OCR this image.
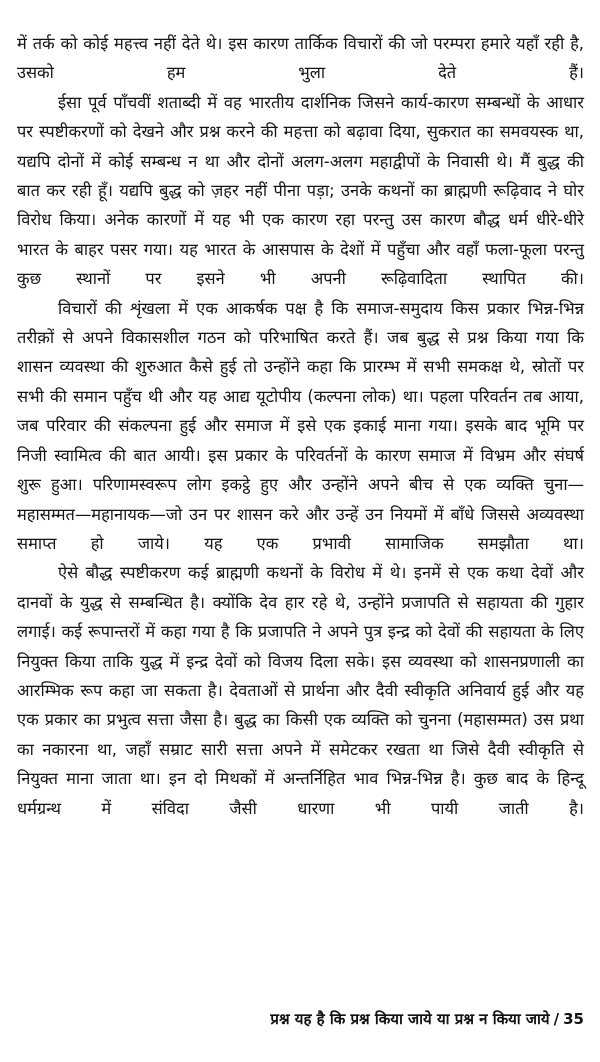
में तर्क को कोई महत्त्व नहीं देते थे। इस कारण तार्किक विचारों की जो परम्परा हमारे यहाँ रही है, उसको हम भुला देते हैं।

ईसा पूर्व पाँचवीं शताब्दी में वह भारतीय दार्शनिक जिसने कार्य-कारण सम्बन्धों के आधार पर स्पष्टीकरणों को देखने और प्रश्न करने की महत्ता को बढ़ावा दिया, सुकरात का समवयस्क था, यद्यपि दोनों में कोई सम्बन्ध न था और दोनों अलग-अलग महाद्वीपों के निवासी थे। मैं बुद्ध की बात कर रही हूँ। यद्यपि बुद्ध को ज़हर नहीं पीना पड़ा; उनके कथनों का ब्राह्मणी रूढ़िवाद ने घोर विरोध किया। अनेक कारणों में यह भी एक कारण रहा परन्तु उस कारण बौद्ध धर्म धीरे-धीरे भारत के बाहर पसर गया। यह भारत के आसपास के देशों में पहुँचा और वहाँ फला-फूला परन्तु कुछ स्थानों पर इसने भी अपनी रूढ़िवादिता स्थापित की।

विचारों की शृंखला में एक आकर्षक पक्ष है कि समाज-समुदाय किस प्रकार भिन्न-भिन्न तरीक़ों से अपने विकासशील गठन को परिभाषित करते हैं। जब बुद्ध से प्रश्न किया गया कि शासन व्यवस्था की शुरुआत कैसे हुई तो उन्होंने कहा कि प्रारम्भ में सभी समकक्ष थे, स्रोतों पर सभी की समान पहुँच थी और यह आद्य यूटोपीय (कल्पना लोक) था। पहला परिवर्तन तब आया, जब परिवार की संकल्पना हुई और समाज में इसे एक इकाई माना गया। इसके बाद भूमि पर निजी स्वामित्व की बात आयी। इस प्रकार के परिवर्तनों के कारण समाज में विभ्रम और संघर्ष शुरू हुआ। परिणामस्वरूप लोग इकट्ठे हुए और उन्होंने अपने बीच से एक व्यक्ति चुना—महासम्मत—महानायक—जो उन पर शासन करे और उन्हें उन नियमों में बाँधे जिससे अव्यवस्था समाप्त हो जाये। यह एक प्रभावी सामाजिक समझौता था।

ऐसे बौद्ध स्पष्टीकरण कई ब्राह्मणी कथनों के विरोध में थे। इनमें से एक कथा देवों और दानवों के युद्ध से सम्बन्धित है। क्योंकि देव हार रहे थे, उन्होंने प्रजापति से सहायता की गुहार लगाई। कई रूपान्तरों में कहा गया है कि प्रजापति ने अपने पुत्र इन्द्र को देवों की सहायता के लिए नियुक्त किया ताकि युद्ध में इन्द्र देवों को विजय दिला सके। इस व्यवस्था को शासनप्रणाली का आरम्भिक रूप कहा जा सकता है। देवताओं से प्रार्थना और दैवी स्वीकृति अनिवार्य हुई और यह एक प्रकार का प्रभुत्व सत्ता जैसा है। बुद्ध का किसी एक व्यक्ति को चुनना (महासम्मत) उस प्रथा का नकारना था, जहाँ सम्राट सारी सत्ता अपने में समेटकर रखता था जिसे दैवी स्वीकृति से नियुक्त माना जाता था। इन दो मिथकों में अन्तर्निहित भाव भिन्न-भिन्न है। कुछ बाद के हिन्दू धर्मग्रन्थ में संविदा जैसी धारणा भी पायी जाती है।

प्रश्न यह है कि प्रश्न किया जाये या प्रश्न न किया जाये / 35
